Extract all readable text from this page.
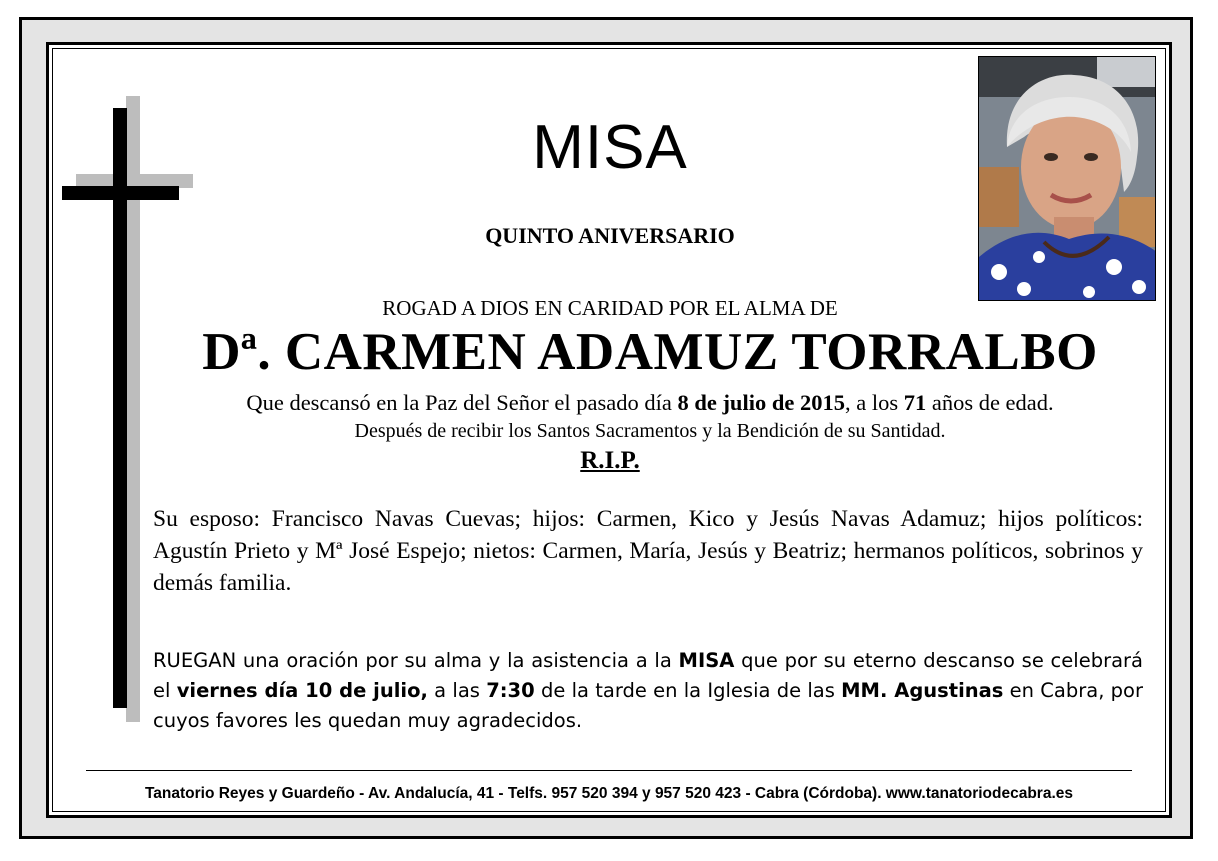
MISA
QUINTO ANIVERSARIO
ROGAD A DIOS EN CARIDAD POR EL ALMA DE
Dª. CARMEN ADAMUZ TORRALBO
Que descansó en la Paz del Señor el pasado día 8 de julio de 2015, a los 71 años de edad.
Después de recibir los Santos Sacramentos y la Bendición de su Santidad.
R.I.P.
Su esposo: Francisco Navas Cuevas; hijos: Carmen, Kico y Jesús Navas Adamuz; hijos políticos: Agustín Prieto y Mª José Espejo; nietos: Carmen, María, Jesús y Beatriz; hermanos políticos, sobrinos y demás familia.
RUEGAN una oración por su alma y la asistencia a la MISA que por su eterno descanso se celebrará el viernes día 10 de julio, a las 7:30 de la tarde en la Iglesia de las MM. Agustinas en Cabra, por cuyos favores les quedan muy agradecidos.
Tanatorio Reyes y Guardeño - Av. Andalucía, 41 - Telfs. 957 520 394 y 957 520 423 - Cabra (Córdoba). www.tanatoriodecabra.es
